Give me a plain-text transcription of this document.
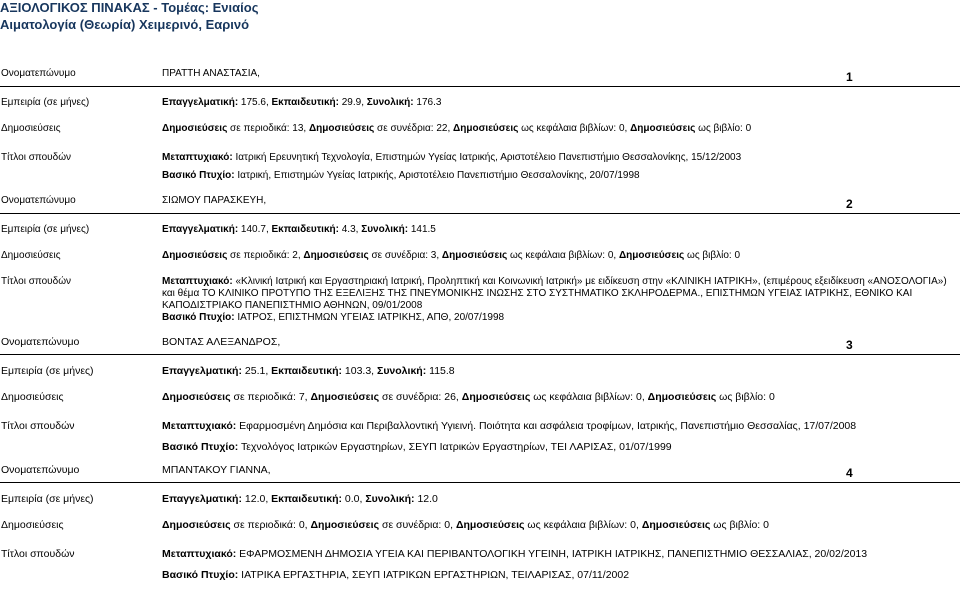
ΑΞΙΟΛΟΓΙΚΟΣ ΠΙΝΑΚΑΣ - Τομέας: Ενιαίος
Αιματολογία (Θεωρία) Χειμερινό, Εαρινό
Ονοματεπώνυμο	ΠΡΑΤΤΗ ΑΝΑΣΤΑΣΙΑ,	1
Εμπειρία (σε μήνες)	Επαγγελματική: 175.6, Εκπαιδευτική: 29.9, Συνολική: 176.3
Δημοσιεύσεις	Δημοσιεύσεις σε περιοδικά: 13, Δημοσιεύσεις σε συνέδρια: 22, Δημοσιεύσεις ως κεφάλαια βιβλίων: 0, Δημοσιεύσεις ως βιβλίο: 0
Τίτλοι σπουδών	Μεταπτυχιακό: Ιατρική Ερευνητική Τεχνολογία, Επιστημών Υγείας Ιατρικής, Αριστοτέλειο Πανεπιστήμιο Θεσσαλονίκης, 15/12/2003
Βασικό Πτυχίο: Ιατρική, Επιστημών Υγείας Ιατρικής, Αριστοτέλειο Πανεπιστήμιο Θεσσαλονίκης, 20/07/1998
Ονοματεπώνυμο	ΣΙΩΜΟΥ ΠΑΡΑΣΚΕΥΗ,	2
Εμπειρία (σε μήνες)	Επαγγελματική: 140.7, Εκπαιδευτική: 4.3, Συνολική: 141.5
Δημοσιεύσεις	Δημοσιεύσεις σε περιοδικά: 2, Δημοσιεύσεις σε συνέδρια: 3, Δημοσιεύσεις ως κεφάλαια βιβλίων: 0, Δημοσιεύσεις ως βιβλίο: 0
Τίτλοι σπουδών	Μεταπτυχιακό: «Κλινική Ιατρική και Εργαστηριακή Ιατρική, Προληπτική και Κοινωνική Ιατρική» με ειδίκευση στην «ΚΛΙΝΙΚΗ ΙΑΤΡΙΚΗ», (επιμέρους εξειδίκευση «ΑΝΟΣΟΛΟΓΙΑ») και θέμα ΤΟ ΚΛΙΝΙΚΟ ΠΡΟΤΥΠΟ ΤΗΣ ΕΞΕΛΙΞΗΣ ΤΗΣ ΠΝΕΥΜΟΝΙΚΗΣ ΙΝΩΣΗΣ ΣΤΟ ΣΥΣΤΗΜΑΤΙΚΟ ΣΚΛΗΡΟΔΕΡΜΑ., ΕΠΙΣΤΗΜΩΝ ΥΓΕΙΑΣ ΙΑΤΡΙΚΗΣ, ΕΘΝΙΚΟ ΚΑΙ ΚΑΠΟΔΙΣΤΡΙΑΚΟ ΠΑΝΕΠΙΣΤΗΜΙΟ ΑΘΗΝΩΝ, 09/01/2008
Βασικό Πτυχίο: ΙΑΤΡΟΣ, ΕΠΙΣΤΗΜΩΝ ΥΓΕΙΑΣ ΙΑΤΡΙΚΗΣ, ΑΠΘ, 20/07/1998
Ονοματεπώνυμο	ΒΟΝΤΑΣ ΑΛΕΞΑΝΔΡΟΣ,	3
Εμπειρία (σε μήνες)	Επαγγελματική: 25.1, Εκπαιδευτική: 103.3, Συνολική: 115.8
Δημοσιεύσεις	Δημοσιεύσεις σε περιοδικά: 7, Δημοσιεύσεις σε συνέδρια: 26, Δημοσιεύσεις ως κεφάλαια βιβλίων: 0, Δημοσιεύσεις ως βιβλίο: 0
Τίτλοι σπουδών	Μεταπτυχιακό: Εφαρμοσμένη Δημόσια και Περιβαλλοντική Υγιεινή. Ποιότητα και ασφάλεια τροφίμων, Ιατρικής, Πανεπιστήμιο Θεσσαλίας, 17/07/2008
Βασικό Πτυχίο: Τεχνολόγος Ιατρικών Εργαστηρίων, ΣΕΥΠ Ιατρικών Εργαστηρίων, ΤΕΙ ΛΑΡΙΣΑΣ, 01/07/1999
Ονοματεπώνυμο	ΜΠΑΝΤΑΚΟΥ ΓΙΑΝΝΑ,	4
Εμπειρία (σε μήνες)	Επαγγελματική: 12.0, Εκπαιδευτική: 0.0, Συνολική: 12.0
Δημοσιεύσεις	Δημοσιεύσεις σε περιοδικά: 0, Δημοσιεύσεις σε συνέδρια: 0, Δημοσιεύσεις ως κεφάλαια βιβλίων: 0, Δημοσιεύσεις ως βιβλίο: 0
Τίτλοι σπουδών	Μεταπτυχιακό: ΕΦΑΡΜΟΣΜΕΝΗ ΔΗΜΟΣΙΑ ΥΓΕΙΑ ΚΑΙ ΠΕΡΙΒΑΝΤΟΛΟΓΙΚΗ ΥΓΕΙΝΗ, ΙΑΤΡΙΚΗ ΙΑΤΡΙΚΗΣ, ΠΑΝΕΠΙΣΤΗΜΙΟ ΘΕΣΣΑΛΙΑΣ, 20/02/2013
Βασικό Πτυχίο: ΙΑΤΡΙΚΑ ΕΡΓΑΣΤΗΡΙΑ, ΣΕΥΠ ΙΑΤΡΙΚΩΝ ΕΡΓΑΣΤΗΡΙΩΝ, ΤΕΙΛΑΡΙΣΑΣ, 07/11/2002
